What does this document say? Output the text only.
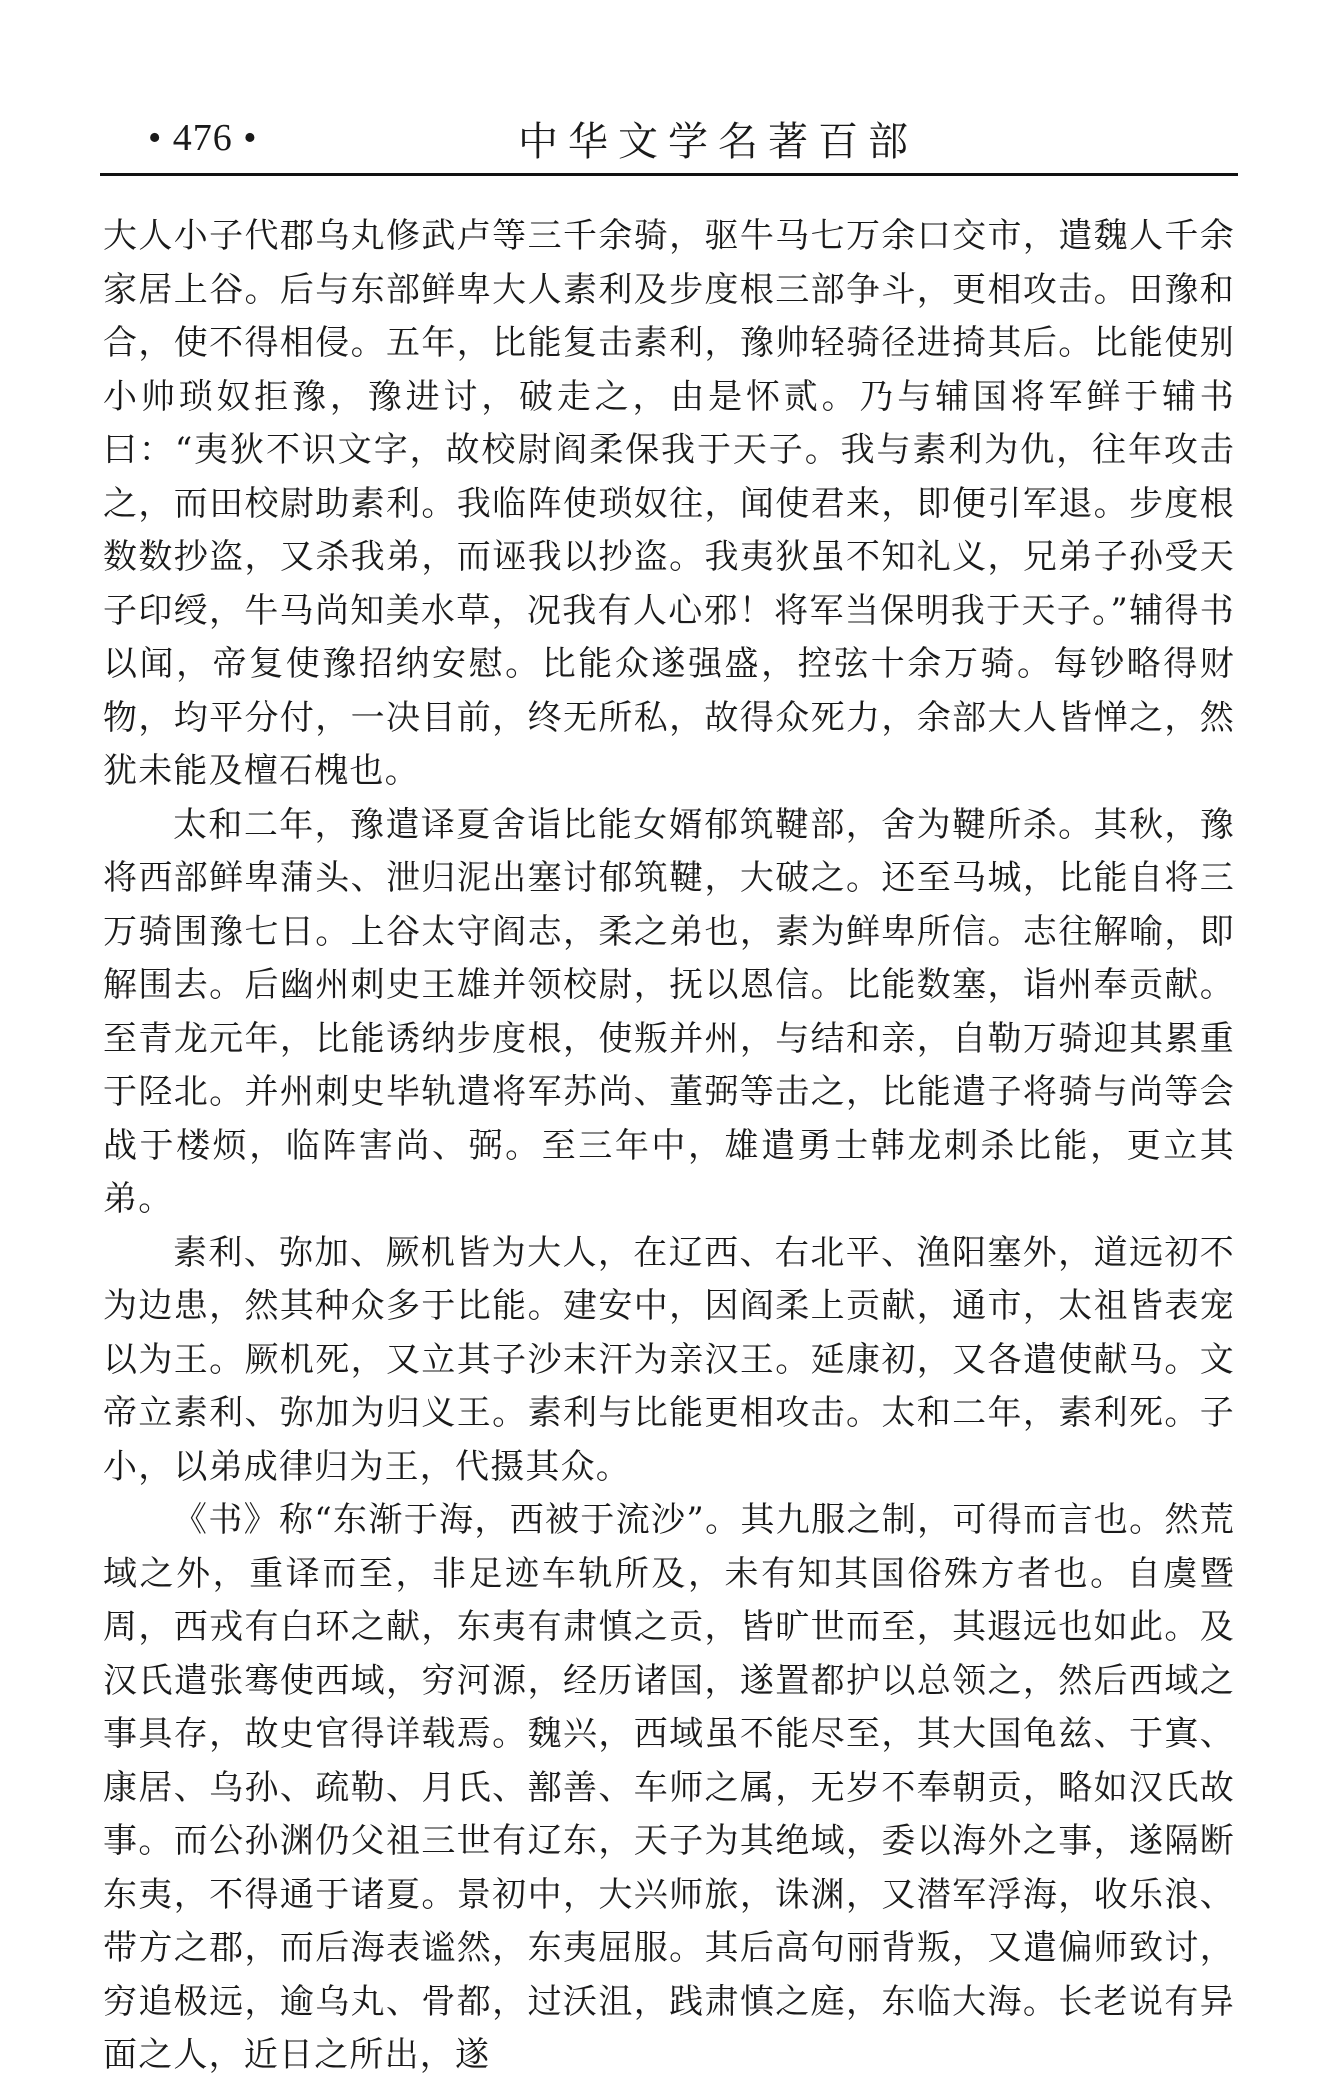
• 476 •	中华文学名著百部

大人小子代郡乌丸修武卢等三千余骑，驱牛马七万余口交市，遣魏人千余家居上谷。后与东部鲜卑大人素利及步度根三部争斗，更相攻击。田豫和合，使不得相侵。五年，比能复击素利，豫帅轻骑径进掎其后。比能使别小帅琐奴拒豫，豫进讨，破走之，由是怀贰。乃与辅国将军鲜于辅书曰：“夷狄不识文字，故校尉阎柔保我于天子。我与素利为仇，往年攻击之，而田校尉助素利。我临阵使琐奴往，闻使君来，即便引军退。步度根数数抄盗，又杀我弟，而诬我以抄盗。我夷狄虽不知礼义，兄弟子孙受天子印绶，牛马尚知美水草，况我有人心邪！将军当保明我于天子。”辅得书以闻，帝复使豫招纳安慰。比能众遂强盛，控弦十余万骑。每钞略得财物，均平分付，一决目前，终无所私，故得众死力，余部大人皆惮之，然犹未能及檀石槐也。

太和二年，豫遣译夏舍诣比能女婿郁筑鞬部，舍为鞬所杀。其秋，豫将西部鲜卑蒲头、泄归泥出塞讨郁筑鞬，大破之。还至马城，比能自将三万骑围豫七日。上谷太守阎志，柔之弟也，素为鲜卑所信。志往解喻，即解围去。后幽州刺史王雄并领校尉，抚以恩信。比能数塞，诣州奉贡献。至青龙元年，比能诱纳步度根，使叛并州，与结和亲，自勒万骑迎其累重于陉北。并州刺史毕轨遣将军苏尚、董弼等击之，比能遣子将骑与尚等会战于楼烦，临阵害尚、弼。至三年中，雄遣勇士韩龙刺杀比能，更立其弟。

素利、弥加、厥机皆为大人，在辽西、右北平、渔阳塞外，道远初不为边患，然其种众多于比能。建安中，因阎柔上贡献，通市，太祖皆表宠以为王。厥机死，又立其子沙末汗为亲汉王。延康初，又各遣使献马。文帝立素利、弥加为归义王。素利与比能更相攻击。太和二年，素利死。子小，以弟成律归为王，代摄其众。

《书》称“东渐于海，西被于流沙”。其九服之制，可得而言也。然荒域之外，重译而至，非足迹车轨所及，未有知其国俗殊方者也。自虞暨周，西戎有白环之献，东夷有肃慎之贡，皆旷世而至，其遐远也如此。及汉氏遣张骞使西域，穷河源，经历诸国，遂置都护以总领之，然后西域之事具存，故史官得详载焉。魏兴，西域虽不能尽至，其大国龟兹、于寘、康居、乌孙、疏勒、月氏、鄯善、车师之属，无岁不奉朝贡，略如汉氏故事。而公孙渊仍父祖三世有辽东，天子为其绝域，委以海外之事，遂隔断东夷，不得通于诸夏。景初中，大兴师旅，诛渊，又潜军浮海，收乐浪、带方之郡，而后海表谧然，东夷屈服。其后高句丽背叛，又遣偏师致讨，穷追极远，逾乌丸、骨都，过沃沮，践肃慎之庭，东临大海。长老说有异面之人，近日之所出，遂
